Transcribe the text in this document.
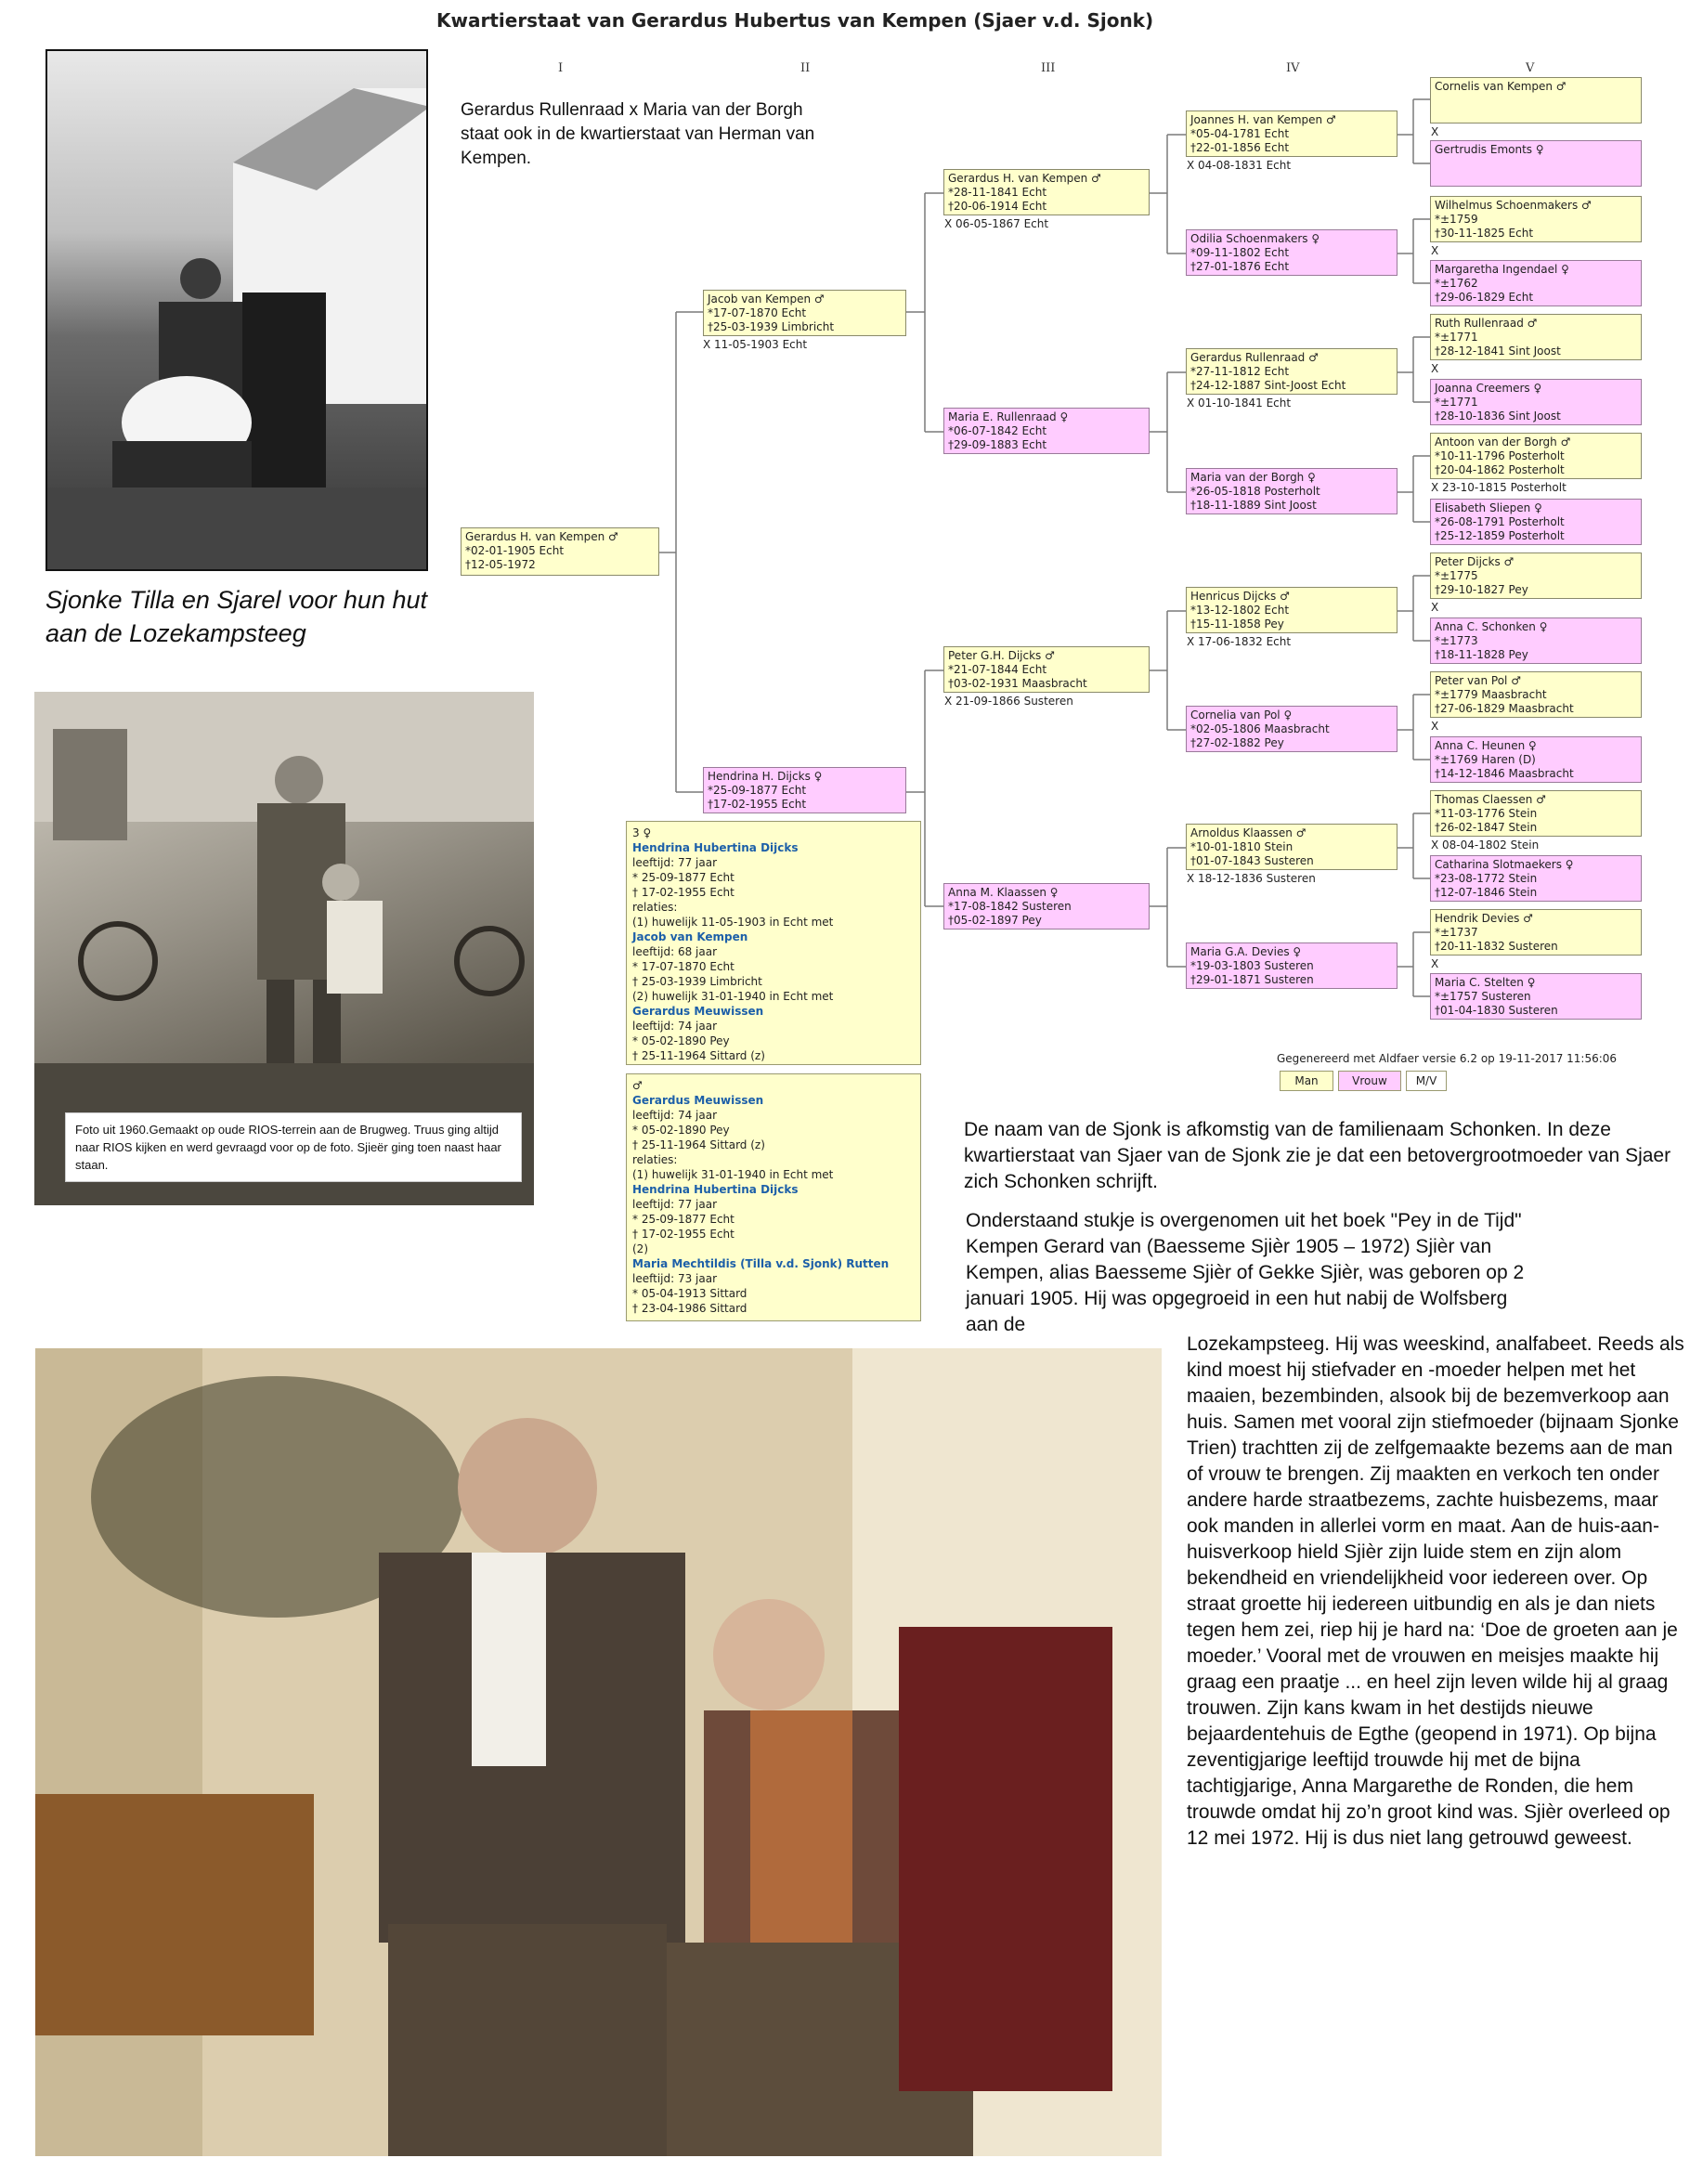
Kwartierstaat van Gerardus Hubertus van Kempen (Sjaer v.d. Sjonk)
I	II	III	IV	V
Gerardus Rullenraad x Maria van der Borgh staat ook in de kwartierstaat van Herman van Kempen.
Gerardus H. van Kempen ♂
*02-01-1905 Echt
†12-05-1972
Jacob van Kempen ♂
*17-07-1870 Echt
†25-03-1939 Limbricht
X 11-05-1903 Echt
Hendrina H. Dijcks ♀
*25-09-1877 Echt
†17-02-1955 Echt
Gerardus H. van Kempen ♂
*28-11-1841 Echt
†20-06-1914 Echt
X 06-05-1867 Echt
Maria E. Rullenraad ♀
*06-07-1842 Echt
†29-09-1883 Echt
Peter G.H. Dijcks ♂
*21-07-1844 Echt
†03-02-1931 Maasbracht
X 21-09-1866 Susteren
Anna M. Klaassen ♀
*17-08-1842 Susteren
†05-02-1897 Pey
Joannes H. van Kempen ♂
*05-04-1781 Echt
†22-01-1856 Echt
X 04-08-1831 Echt
Odilia Schoenmakers ♀
*09-11-1802 Echt
†27-01-1876 Echt
Gerardus Rullenraad ♂
*27-11-1812 Echt
†24-12-1887 Sint-Joost Echt
X 01-10-1841 Echt
Maria van der Borgh ♀
*26-05-1818 Posterholt
†18-11-1889 Sint Joost
Henricus Dijcks ♂
*13-12-1802 Echt
†15-11-1858 Pey
X 17-06-1832 Echt
Cornelia van Pol ♀
*02-05-1806 Maasbracht
†27-02-1882 Pey
Arnoldus Klaassen ♂
*10-01-1810 Stein
†01-07-1843 Susteren
X 18-12-1836 Susteren
Maria G.A. Devies ♀
*19-03-1803 Susteren
†29-01-1871 Susteren
Cornelis van Kempen ♂
X
Gertrudis Emonts ♀
Wilhelmus Schoenmakers ♂
*±1759
†30-11-1825 Echt
X
Margaretha Ingendael ♀
*±1762
†29-06-1829 Echt
Ruth Rullenraad ♂
*±1771
†28-12-1841 Sint Joost
X
Joanna Creemers ♀
*±1771
†28-10-1836 Sint Joost
Antoon van der Borgh ♂
*10-11-1796 Posterholt
†20-04-1862 Posterholt
X 23-10-1815 Posterholt
Elisabeth Sliepen ♀
*26-08-1791 Posterholt
†25-12-1859 Posterholt
Peter Dijcks ♂
*±1775
†29-10-1827 Pey
X
Anna C. Schonken ♀
*±1773
†18-11-1828 Pey
Peter van Pol ♂
*±1779 Maasbracht
†27-06-1829 Maasbracht
X
Anna C. Heunen ♀
*±1769 Haren (D)
†14-12-1846 Maasbracht
Thomas Claessen ♂
*11-03-1776 Stein
†26-02-1847 Stein
X 08-04-1802 Stein
Catharina Slotmaekers ♀
*23-08-1772 Stein
†12-07-1846 Stein
Hendrik Devies ♂
*±1737
†20-11-1832 Susteren
X
Maria C. Stelten ♀
*±1757 Susteren
†01-04-1830 Susteren
Sjonke Tilla en Sjarel voor hun hut aan de Lozekampsteeg
Foto uit 1960.Gemaakt op oude RIOS-terrein aan de Brugweg. Truus ging altijd naar RIOS kijken en werd gevraagd voor op de foto. Sjieër ging toen naast haar staan.
3 ♀
Hendrina Hubertina Dijcks
leeftijd: 77 jaar
* 25-09-1877 Echt
† 17-02-1955 Echt
relaties:
(1) huwelijk 11-05-1903 in Echt met
Jacob van Kempen
leeftijd: 68 jaar
* 17-07-1870 Echt
† 25-03-1939 Limbricht
(2) huwelijk 31-01-1940 in Echt met
Gerardus Meuwissen
leeftijd: 74 jaar
* 05-02-1890 Pey
† 25-11-1964 Sittard (z)
♂
Gerardus Meuwissen
leeftijd: 74 jaar
* 05-02-1890 Pey
† 25-11-1964 Sittard (z)
relaties:
(1) huwelijk 31-01-1940 in Echt met
Hendrina Hubertina Dijcks
leeftijd: 77 jaar
* 25-09-1877 Echt
† 17-02-1955 Echt
(2)
Maria Mechtildis (Tilla v.d. Sjonk) Rutten
leeftijd: 73 jaar
* 05-04-1913 Sittard
† 23-04-1986 Sittard
Gegenereerd met Aldfaer versie 6.2 op 19-11-2017 11:56:06
Man	Vrouw	M/V
De naam van de Sjonk is afkomstig van de familienaam Schonken. In deze kwartierstaat van Sjaer van de Sjonk zie je dat een betovergrootmoeder van Sjaer zich Schonken schrijft.
Onderstaand stukje is overgenomen uit het boek "Pey in de Tijd" Kempen Gerard van (Baesseme Sjièr 1905 – 1972) Sjièr van Kempen, alias Baesseme Sjièr of Gekke Sjièr, was geboren op 2 januari 1905. Hij was opgegroeid in een hut nabij de Wolfsberg aan de
Lozekampsteeg. Hij was weeskind, analfabeet. Reeds als kind moest hij stiefvader en -moeder helpen met het maaien, bezembinden, alsook bij de bezemverkoop aan huis. Samen met vooral zijn stiefmoeder (bijnaam Sjonke Trien) trachtten zij de zelfgemaakte bezems aan de man of vrouw te brengen. Zij maakten en verkoch ten onder andere harde straatbezems, zachte huisbezems, maar ook manden in allerlei vorm en maat. Aan de huis-aan-huisverkoop hield Sjièr zijn luide stem en zijn alom bekendheid en vriendelijkheid voor iedereen over. Op straat groette hij iedereen uitbundig en als je dan niets tegen hem zei, riep hij je hard na: ‘Doe de groeten aan je moeder.’ Vooral met de vrouwen en meisjes maakte hij graag een praatje ... en heel zijn leven wilde hij al graag trouwen. Zijn kans kwam in het destijds nieuwe bejaardentehuis de Egthe (geopend in 1971). Op bijna zeventigjarige leeftijd trouwde hij met de bijna tachtigjarige, Anna Margarethe de Ronden, die hem trouwde omdat hij zo’n groot kind was. Sjièr overleed op 12 mei 1972. Hij is dus niet lang getrouwd geweest.
